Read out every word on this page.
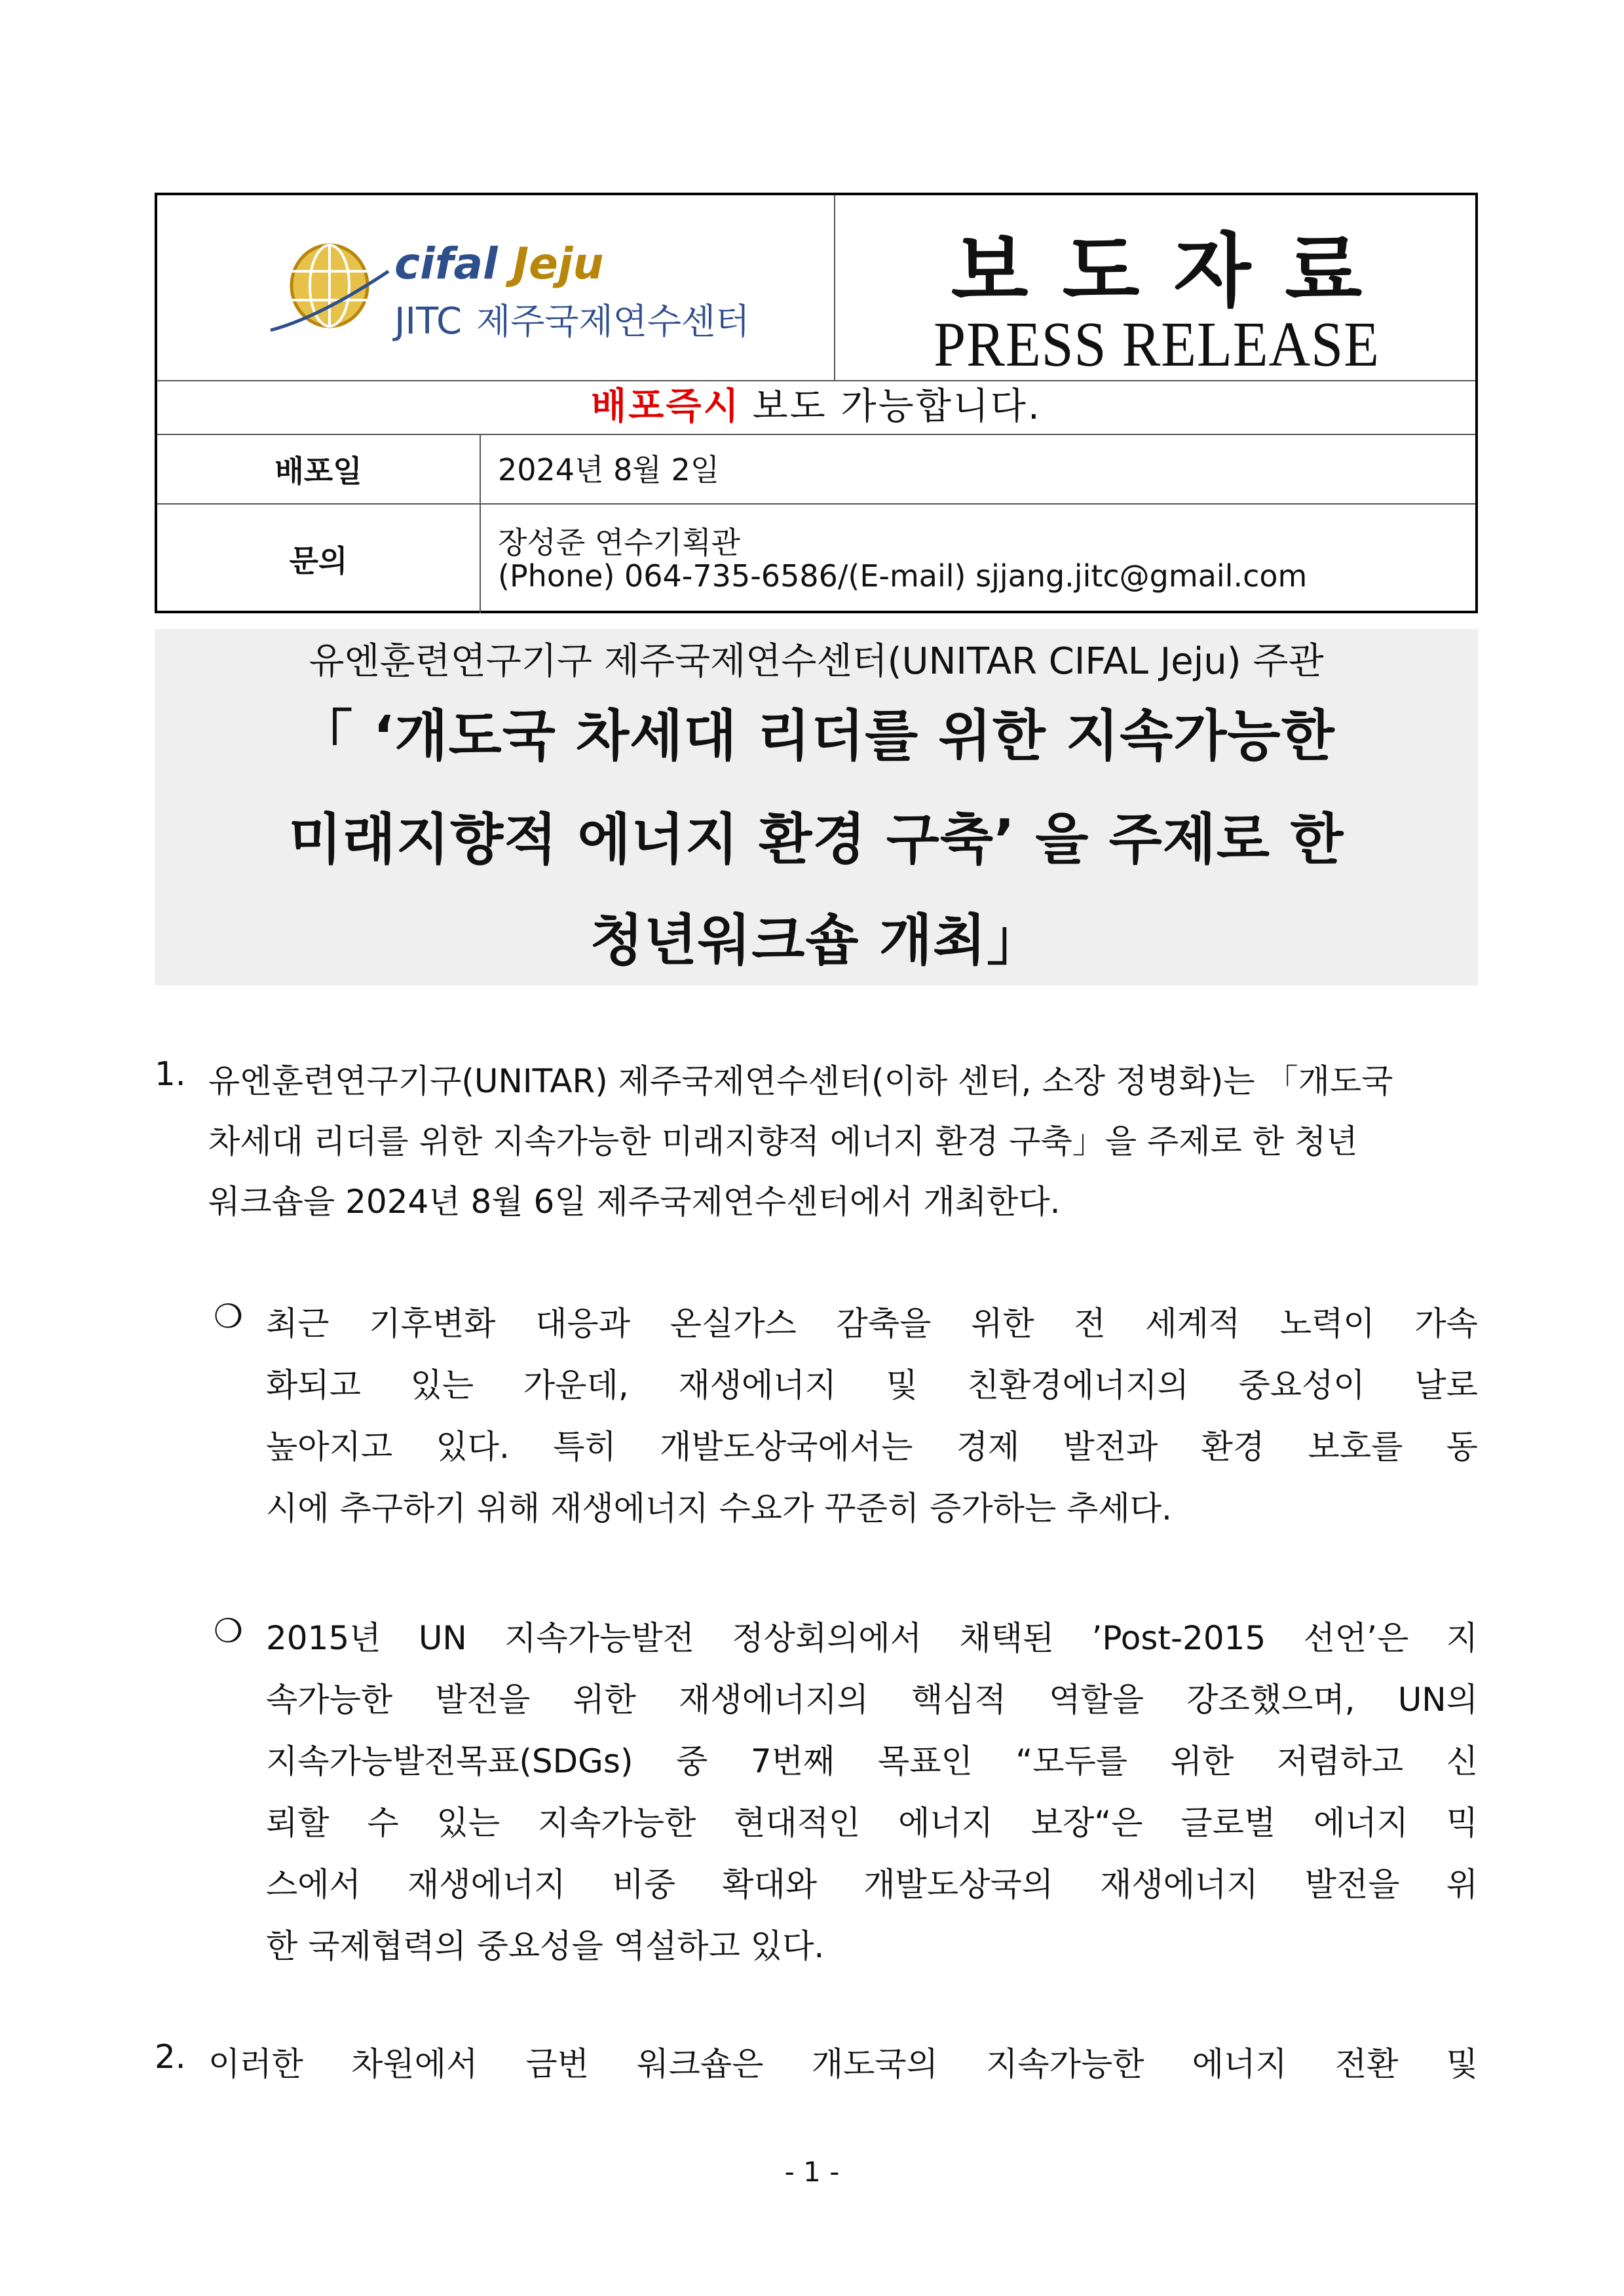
cifal Jeju
JITC 제주국제연수센터
보도자료
PRESS RELEASE
배포즉시 보도 가능합니다.
배포일	2024년 8월 2일
문의
장성준 연수기획관
(Phone) 064-735-6586/(E-mail) sjjang.jitc@gmail.com
유엔훈련연구기구 제주국제연수센터(UNITAR CIFAL Jeju) 주관
「 ‘개도국 차세대 리더를 위한 지속가능한
미래지향적 에너지 환경 구축’ 을 주제로 한
청년워크숍 개최」
1. 유엔훈련연구기구(UNITAR) 제주국제연수센터(이하 센터, 소장 정병화)는 「개도국
차세대 리더를 위한 지속가능한 미래지향적 에너지 환경 구축」을 주제로 한 청년
워크숍을 2024년 8월 6일 제주국제연수센터에서 개최한다.
❍ 최근 기후변화 대응과 온실가스 감축을 위한 전 세계적 노력이 가속
화되고 있는 가운데, 재생에너지 및 친환경에너지의 중요성이 날로
높아지고 있다. 특히 개발도상국에서는 경제 발전과 환경 보호를 동
시에 추구하기 위해 재생에너지 수요가 꾸준히 증가하는 추세다.
❍ 2015년 UN 지속가능발전 정상회의에서 채택된 ’Post-2015 선언’은 지
속가능한 발전을 위한 재생에너지의 핵심적 역할을 강조했으며, UN의
지속가능발전목표(SDGs) 중 7번째 목표인 “모두를 위한 저렴하고 신
뢰할 수 있는 지속가능한 현대적인 에너지 보장“은 글로벌 에너지 믹
스에서 재생에너지 비중 확대와 개발도상국의 재생에너지 발전을 위
한 국제협력의 중요성을 역설하고 있다.
2. 이러한 차원에서 금번 워크숍은 개도국의 지속가능한 에너지 전환 및
- 1 -
